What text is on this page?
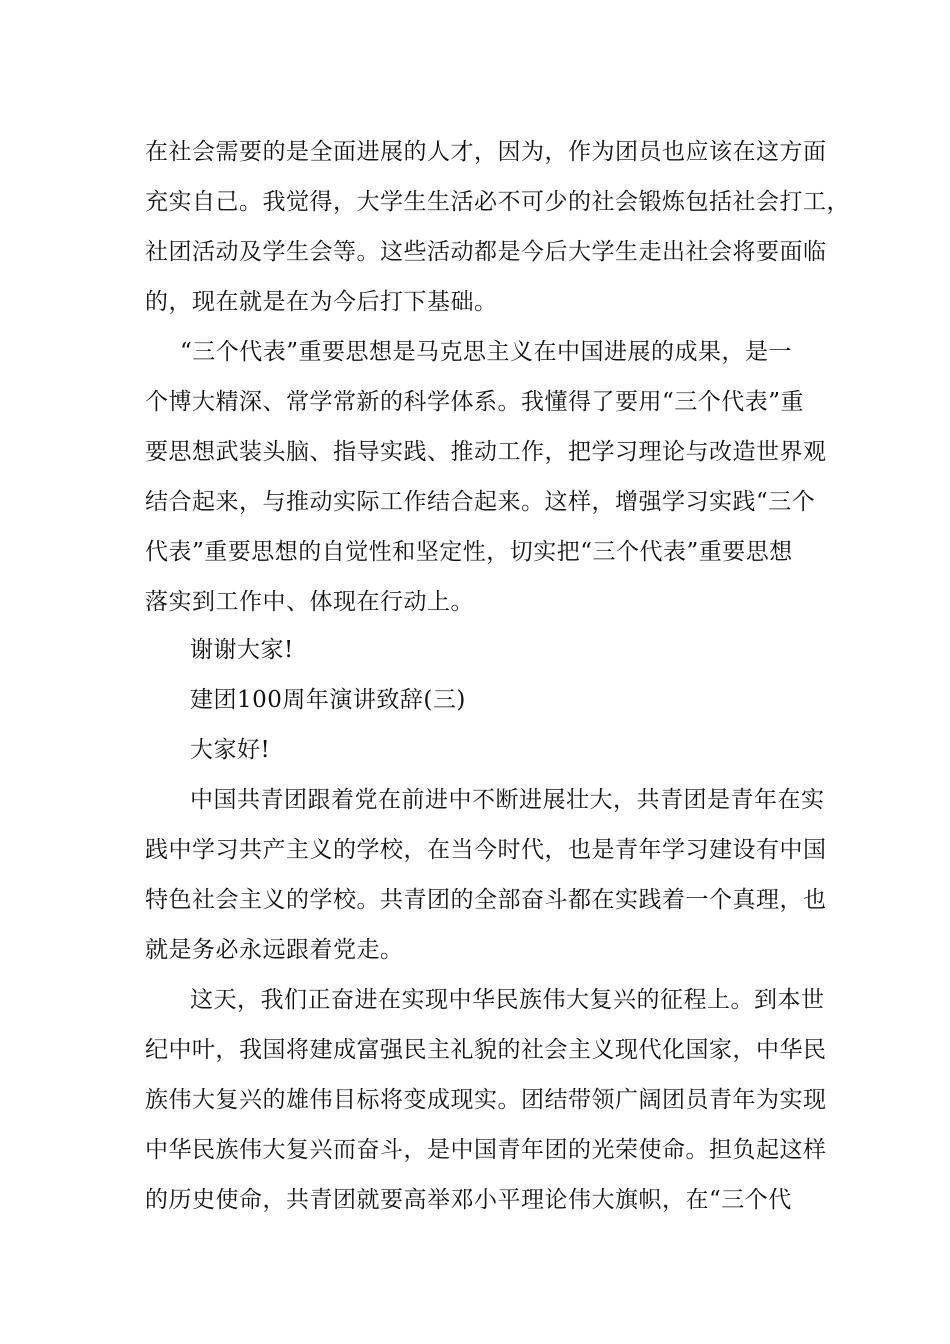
在社会需要的是全面进展的人才，因为，作为团员也应该在这方面
充实自己。我觉得，大学生生活必不可少的社会锻炼包括社会打工，
社团活动及学生会等。这些活动都是今后大学生走出社会将要面临
的，现在就是在为今后打下基础。
“三个代表”重要思想是马克思主义在中国进展的成果，是一
个博大精深、常学常新的科学体系。我懂得了要用“三个代表”重
要思想武装头脑、指导实践、推动工作，把学习理论与改造世界观
结合起来，与推动实际工作结合起来。这样，增强学习实践“三个
代表”重要思想的自觉性和坚定性，切实把“三个代表”重要思想
落实到工作中、体现在行动上。
谢谢大家!
建团100周年演讲致辞(三)
大家好!
中国共青团跟着党在前进中不断进展壮大，共青团是青年在实
践中学习共产主义的学校，在当今时代，也是青年学习建设有中国
特色社会主义的学校。共青团的全部奋斗都在实践着一个真理，也
就是务必永远跟着党走。
这天，我们正奋进在实现中华民族伟大复兴的征程上。到本世
纪中叶，我国将建成富强民主礼貌的社会主义现代化国家，中华民
族伟大复兴的雄伟目标将变成现实。团结带领广阔团员青年为实现
中华民族伟大复兴而奋斗，是中国青年团的光荣使命。担负起这样
的历史使命，共青团就要高举邓小平理论伟大旗帜，在“三个代
